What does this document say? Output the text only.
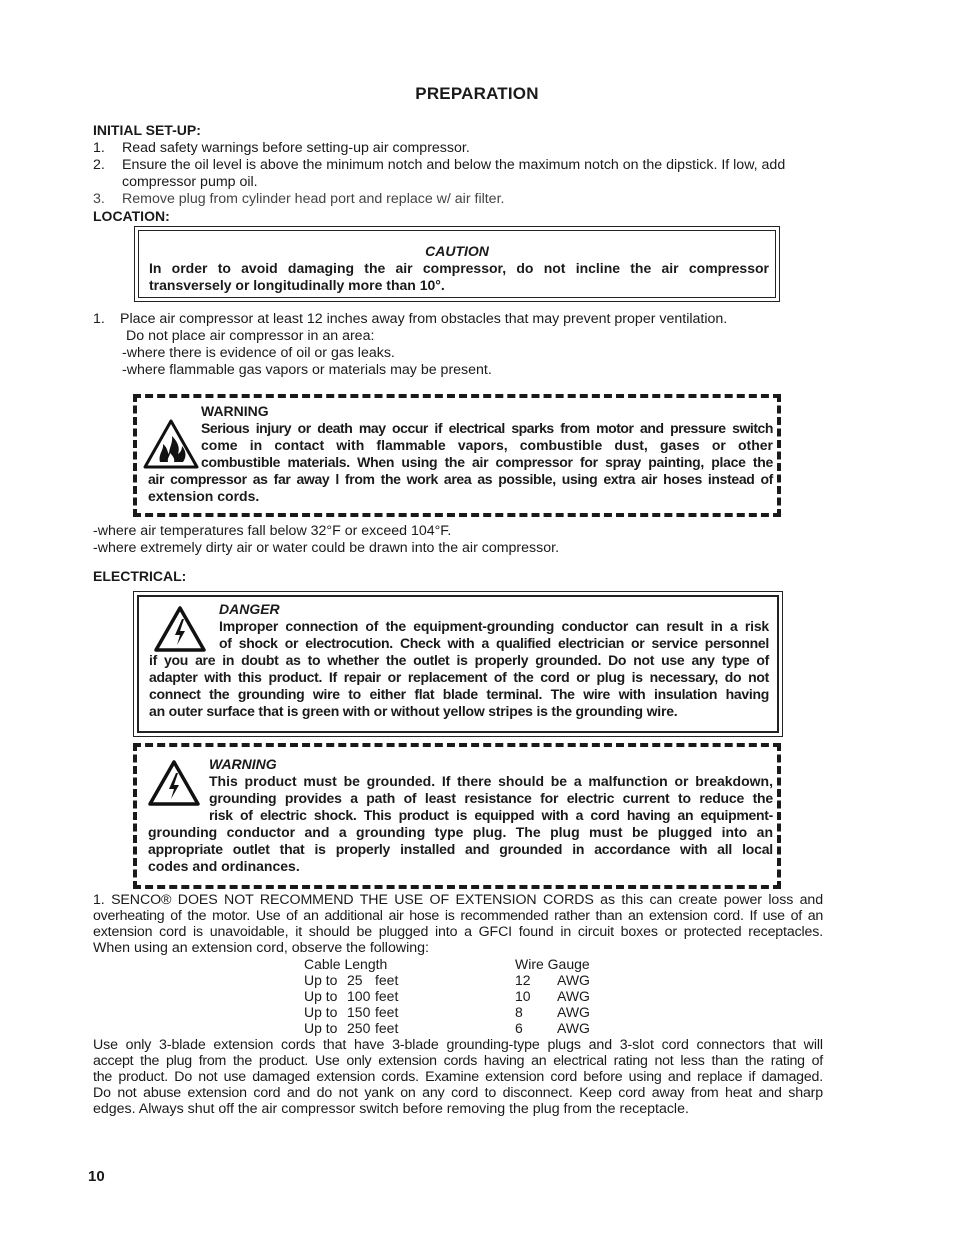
PREPARATION
INITIAL SET-UP:
1. Read safety warnings before setting-up air compressor.
2. Ensure the oil level is above the minimum notch and below the maximum notch on the dipstick. If low, add
compressor pump oil.
3. Remove plug from cylinder head port and replace w/ air filter.
LOCATION:
CAUTION
In order to avoid damaging the air compressor, do not incline the air compressor
transversely or longitudinally more than 10°.
1. Place air compressor at least 12 inches away from obstacles that may prevent proper ventilation.
Do not place air compressor in an area:
-where there is evidence of oil or gas leaks.
-where flammable gas vapors or materials may be present.
WARNING
Serious injury or death may occur if electrical sparks from motor and pressure switch
come in contact with flammable vapors, combustible dust, gases or other
combustible materials. When using the air compressor for spray painting, place the
air compressor as far away l from the work area as possible, using extra air hoses instead of
extension cords.
-where air temperatures fall below 32°F or exceed 104°F.
-where extremely dirty air or water could be drawn into the air compressor.
ELECTRICAL:
DANGER
Improper connection of the equipment-grounding conductor can result in a risk
of shock or electrocution. Check with a qualified electrician or service personnel
if you are in doubt as to whether the outlet is properly grounded. Do not use any type of
adapter with this product. If repair or replacement of the cord or plug is necessary, do not
connect the grounding wire to either flat blade terminal. The wire with insulation having
an outer surface that is green with or without yellow stripes is the grounding wire.
WARNING
This product must be grounded. If there should be a malfunction or breakdown,
grounding provides a path of least resistance for electric current to reduce the
risk of electric shock. This product is equipped with a cord having an equipment-
grounding conductor and a grounding type plug. The plug must be plugged into an
appropriate outlet that is properly installed and grounded in accordance with all local
codes and ordinances.
1. SENCO® DOES NOT RECOMMEND THE USE OF EXTENSION CORDS as this can create power loss and
overheating of the motor. Use of an additional air hose is recommended rather than an extension cord. If use of an
extension cord is unavoidable, it should be plugged into a GFCI found in circuit boxes or protected receptacles.
When using an extension cord, observe the following:
Cable Length	Wire Gauge
Up to 25 feet	12 AWG
Up to 100 feet	10 AWG
Up to 150 feet	8 AWG
Up to 250 feet	6 AWG
Use only 3-blade extension cords that have 3-blade grounding-type plugs and 3-slot cord connectors that will
accept the plug from the product. Use only extension cords having an electrical rating not less than the rating of
the product. Do not use damaged extension cords. Examine extension cord before using and replace if damaged.
Do not abuse extension cord and do not yank on any cord to disconnect. Keep cord away from heat and sharp
edges. Always shut off the air compressor switch before removing the plug from the receptacle.
10
